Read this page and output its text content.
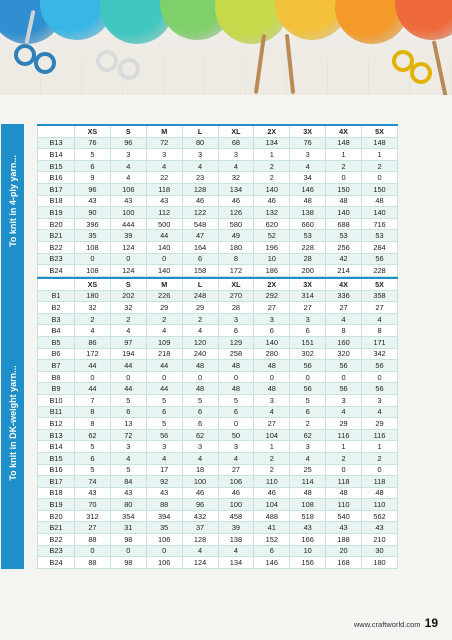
To knit in 4-ply yarn...
	XS	S	M	L	XL	2X	3X	4X	5X
B13	76	96	72	80	68	134	76	148	148
B14	5	3	3	3	3	1	3	1	1
B15	6	4	4	4	4	2	4	2	2
B16	9	4	22	23	32	2	34	0	0
B17	96	106	118	128	134	140	146	150	150
B18	43	43	43	46	46	46	48	48	48
B19	90	100	112	122	126	132	138	140	140
B20	396	444	500	548	580	620	660	688	716
B21	35	39	44	47	49	52	53	53	53
B22	108	124	140	164	180	196	228	256	284
B23	0	0	0	6	8	10	28	42	56
B24	108	124	140	158	172	186	200	214	228
To knit in DK-weight yarn...
	XS	S	M	L	XL	2X	3X	4X	5X
B1	180	202	226	248	270	292	314	336	358
B2	32	32	29	29	28	27	27	27	27
B3	2	2	2	2	3	3	3	4	4
B4	4	4	4	4	6	6	6	8	8
B5	86	97	109	120	129	140	151	160	171
B6	172	194	218	240	258	280	302	320	342
B7	44	44	44	48	48	48	56	56	56
B8	0	0	0	0	0	0	0	0	0
B9	44	44	44	48	48	48	56	56	56
B10	7	5	5	5	5	3	5	3	3
B11	8	6	6	6	6	4	6	4	4
B12	8	13	5	6	0	27	2	29	29
B13	62	72	56	62	50	104	62	116	116
B14	5	3	3	3	3	1	3	1	1
B15	6	4	4	4	4	2	4	2	2
B16	5	5	17	18	27	2	25	0	0
B17	74	84	92	100	106	110	114	118	118
B18	43	43	43	46	46	46	48	48	48
B19	70	80	88	96	100	104	108	110	110
B20	312	354	394	432	458	488	518	540	562
B21	27	31	35	37	39	41	43	43	43
B22	88	98	106	128	138	152	166	188	210
B23	0	0	0	4	4	6	10	20	30
B24	88	98	106	124	134	146	156	168	180
www.craftworld.com 19
